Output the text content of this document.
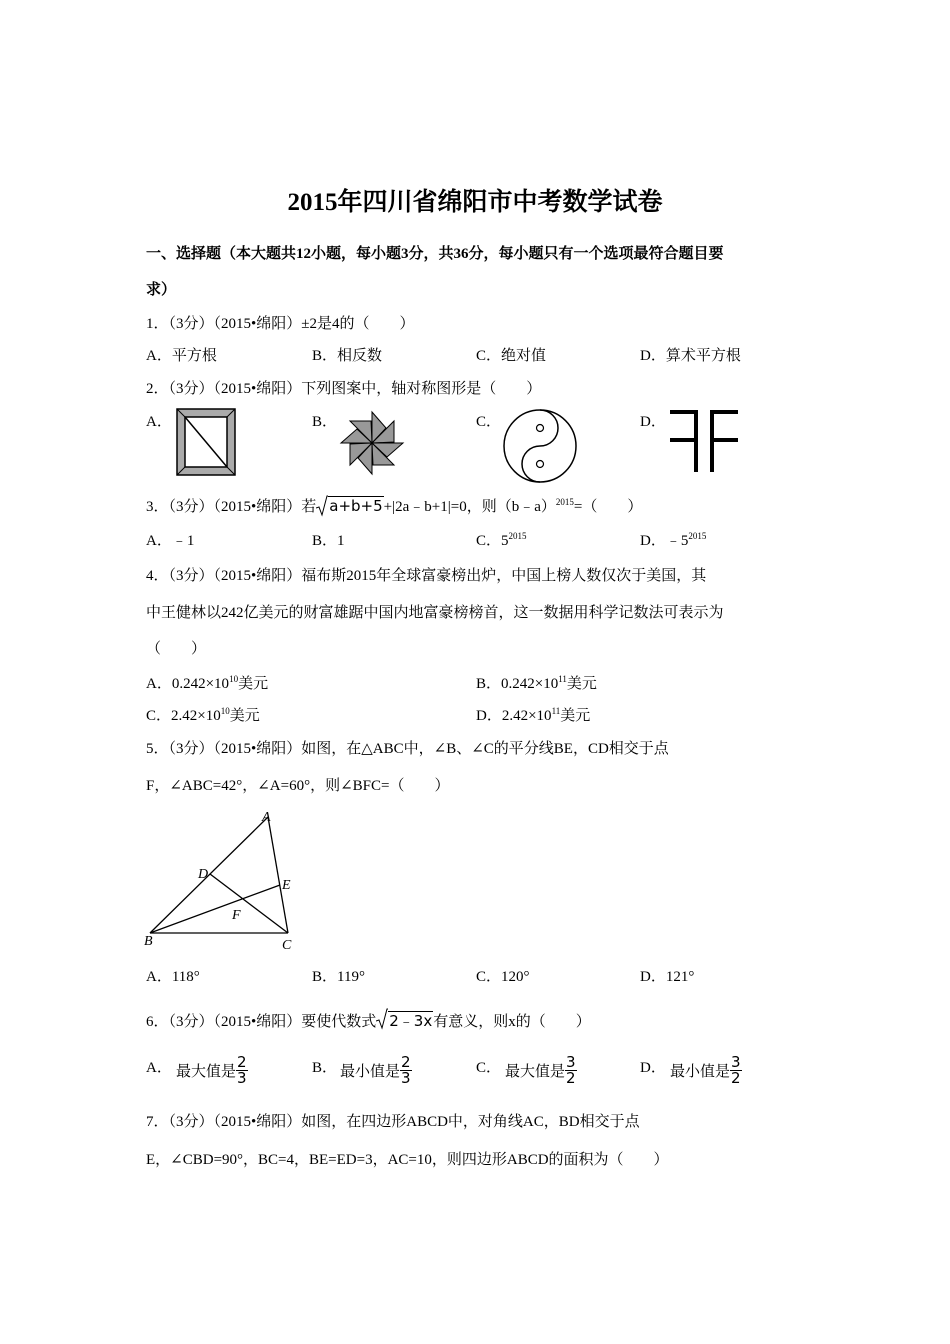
2015年四川省绵阳市中考数学试卷
一、选择题（本大题共12小题，每小题3分，共36分，每小题只有一个选项最符合题目要
求）
1．（3分）（2015•绵阳）±2是4的（　　）
A．平方根	B．相反数	C．绝对值	D．算术平方根
2．（3分）（2015•绵阳）下列图案中，轴对称图形是（　　）
A．	B．	C．	D．
3．（3分）（2015•绵阳）若 a+b+5+|2a﹣b+1|=0，则（b﹣a）$^{2015}$=（　　）
A．﹣1	B．1	C．$5^{2015}$	D．$﹣5^{2015}$
4．（3分）（2015•绵阳）福布斯2015年全球富豪榜出炉，中国上榜人数仅次于美国，其
中王健林以242亿美元的财富雄踞中国内地富豪榜榜首，这一数据用科学记数法可表示为
（　　）
A．$0.242\times 10^{10}$美元	B．$0.242\times 10^{11}$美元
C．$2.42\times 10^{10}$美元	D．$2.42\times 10^{11}$美元
5．（3分）（2015•绵阳）如图，在△ABC中，∠B、∠C的平分线BE，CD相交于点
F，∠ABC=42°，∠A=60°，则∠BFC=（　　）
A
B	C
D
E
F
A．118°	B．119°	C．120°	D．121°
6．（3分）（2015•绵阳）要使代数式 2﹣3x有意义，则x的（　　）
A． 最大值是 $\frac{2}{3}$	B． 最小值是 $\frac{2}{3}$	C． 最大值是 $\frac{3}{2}$	D． 最小值是 $\frac{3}{2}$
7．（3分）（2015•绵阳）如图，在四边形ABCD中，对角线AC，BD相交于点
E，∠CBD=90°，BC=4，BE=ED=3，AC=10，则四边形ABCD的面积为（　　）
